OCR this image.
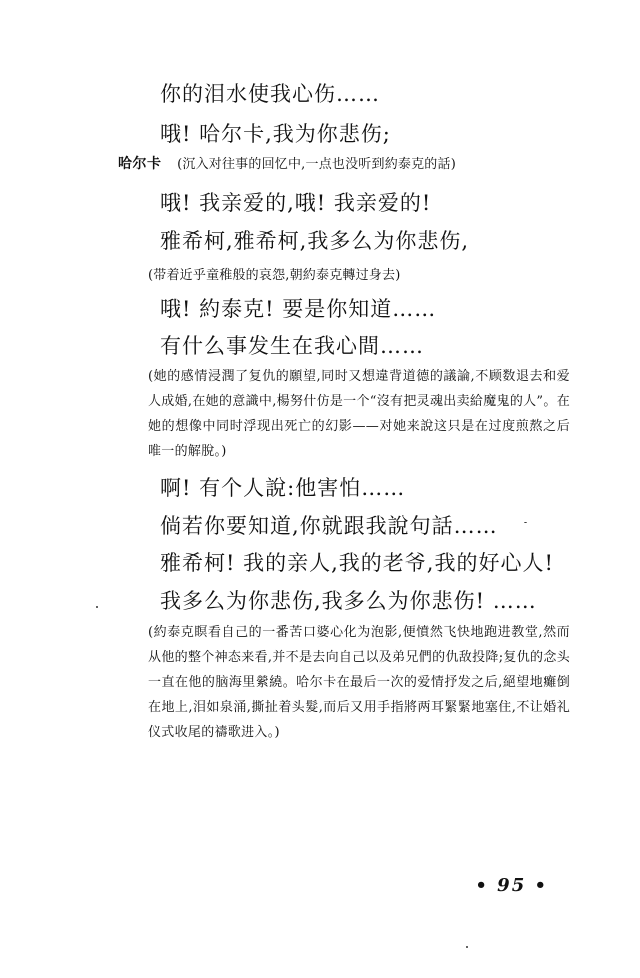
你的泪水使我心伤……
哦! 哈尔卡,我为你悲伤;
哈尔卡 (沉入对往事的回忆中,一点也没听到約泰克的話)
哦! 我亲爱的,哦! 我亲爱的!
雅希柯,雅希柯,我多么为你悲伤,
(带着近乎童稚般的哀怨,朝約泰克轉过身去)
哦! 約泰克! 要是你知道……
有什么事发生在我心間……
(她的感情浸潤了复仇的願望,同时又想違背道德的議論,不顾数退去和爱人成婚,在她的意識中,楊努什仿是一个“沒有把灵魂出卖給魔鬼的人”。在她的想像中同时浮现出死亡的幻影——对她来說这只是在过度煎熬之后唯一的解脫。)
啊! 有个人說:他害怕……
倘若你要知道,你就跟我說句話……
雅希柯! 我的亲人,我的老爷,我的好心人!
我多么为你悲伤,我多么为你悲伤! ……
(約泰克瞑看自己的一番苦口婆心化为泡影,便憤然飞快地跑进教堂,然而从他的整个神态来看,并不是去向自己以及弟兄們的仇敌投降;复仇的念头一直在他的脑海里縈繞。哈尔卡在最后一次的爱情抒发之后,絕望地癱倒在地上,泪如泉涌,撕扯着头髮,而后又用手指將两耳緊緊地塞住,不让婚礼仪式收尾的禱歌进入。)
• 95 •
